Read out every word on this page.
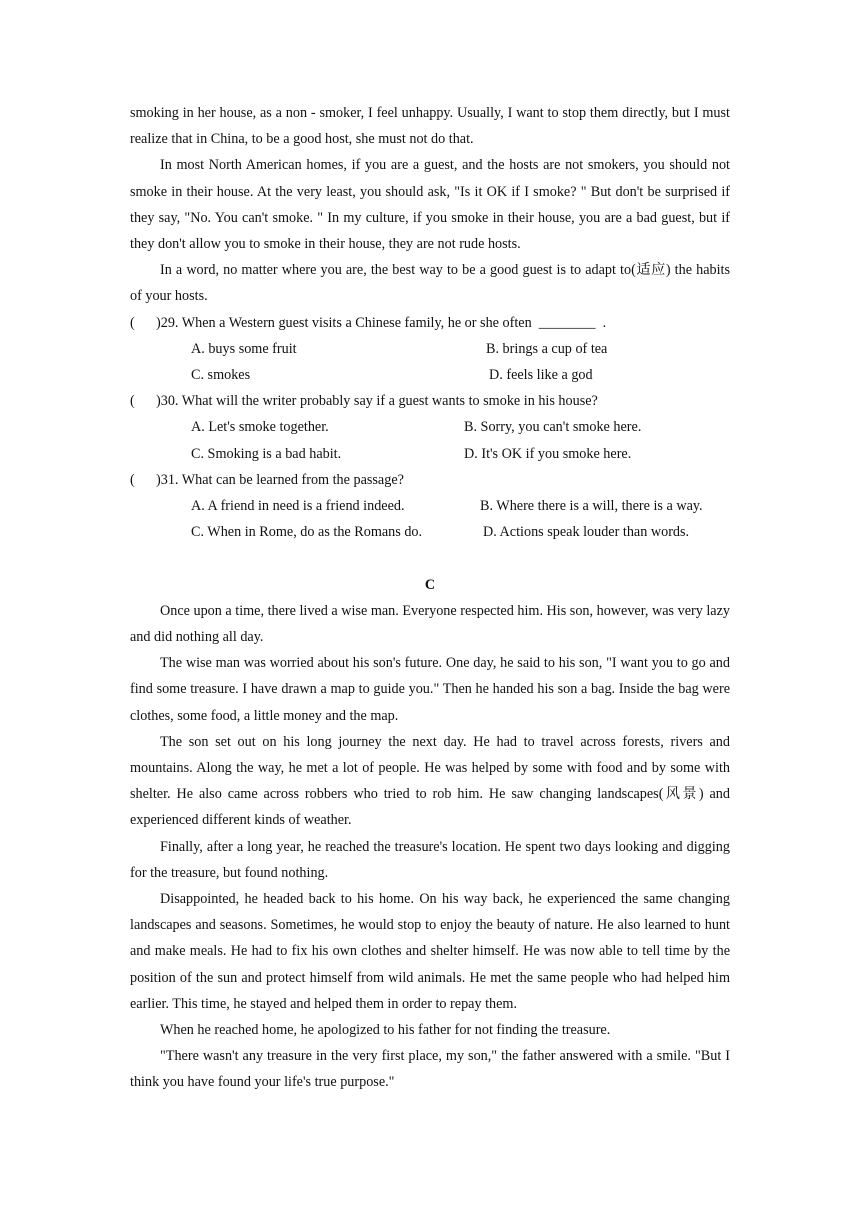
smoking in her house, as a non - smoker, I feel unhappy. Usually, I want to stop them directly, but I must realize that in China, to be a good host, she must not do that.

In most North American homes, if you are a guest, and the hosts are not smokers, you should not smoke in their house. At the very least, you should ask, "Is it OK if I smoke? " But don't be surprised if they say, "No. You can't smoke. " In my culture, if you smoke in their house, you are a bad guest, but if they don't allow you to smoke in their house, they are not rude hosts.

In a word, no matter where you are, the best way to be a good guest is to adapt to(适应) the habits of your hosts.

(      )29. When a Western guest visits a Chinese family, he or she often  ________  .
A. buys some fruit	B. brings a cup of tea
C. smokes	D. feels like a god
(      )30. What will the writer probably say if a guest wants to smoke in his house?
A. Let's smoke together.	B. Sorry, you can't smoke here.
C. Smoking is a bad habit.	D. It's OK if you smoke here.
(      )31. What can be learned from the passage?
A. A friend in need is a friend indeed.	B. Where there is a will, there is a way.
C. When in Rome, do as the Romans do.	D. Actions speak louder than words.
C

Once upon a time, there lived a wise man. Everyone respected him. His son, however, was very lazy and did nothing all day.

The wise man was worried about his son's future. One day, he said to his son, "I want you to go and find some treasure. I have drawn a map to guide you." Then he handed his son a bag. Inside the bag were clothes, some food, a little money and the map.

The son set out on his long journey the next day. He had to travel across forests, rivers and mountains. Along the way, he met a lot of people. He was helped by some with food and by some with shelter. He also came across robbers who tried to rob him. He saw changing landscapes(风景) and experienced different kinds of weather.

Finally, after a long year, he reached the treasure's location. He spent two days looking and digging for the treasure, but found nothing.

Disappointed, he headed back to his home. On his way back, he experienced the same changing landscapes and seasons. Sometimes, he would stop to enjoy the beauty of nature. He also learned to hunt and make meals. He had to fix his own clothes and shelter himself. He was now able to tell time by the position of the sun and protect himself from wild animals. He met the same people who had helped him earlier. This time, he stayed and helped them in order to repay them.

When he reached home, he apologized to his father for not finding the treasure.

"There wasn't any treasure in the very first place, my son," the father answered with a smile. "But I think you have found your life's true purpose."
